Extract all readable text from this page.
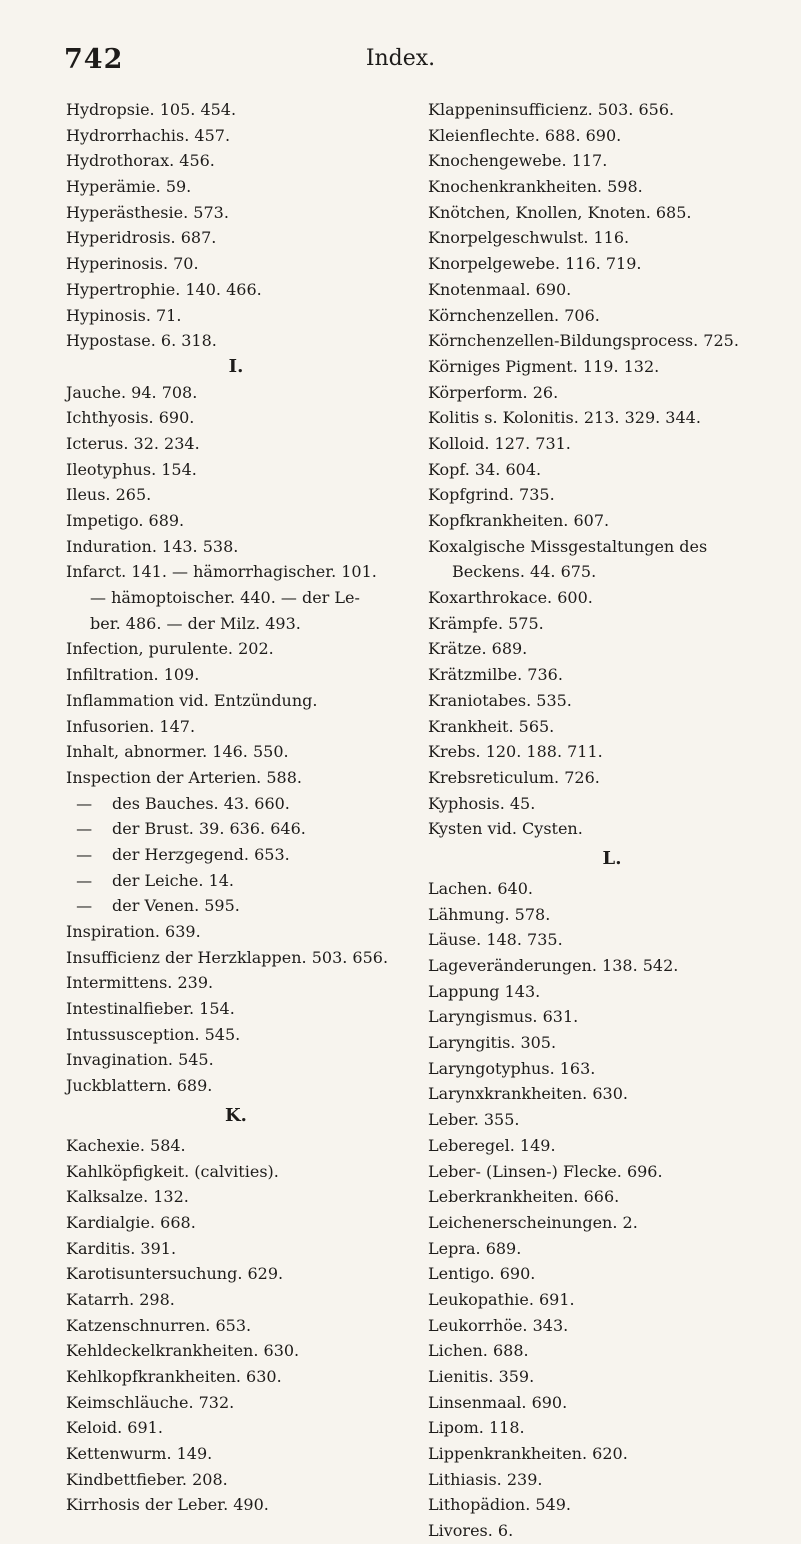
742	Index.
Hydropsie. 105. 454.
Hydrorrhachis. 457.
Hydrothorax. 456.
Hyperämie. 59.
Hyperästhesie. 573.
Hyperidrosis. 687.
Hyperinosis. 70.
Hypertrophie. 140. 466.
Hypinosis. 71.
Hypostase. 6. 318.
I.
Jauche. 94. 708.
Ichthyosis. 690.
Icterus. 32. 234.
Ileotyphus. 154.
Ileus. 265.
Impetigo. 689.
Induration. 143. 538.
Infarct. 141. — hämorrhagischer. 101.
— hämoptoischer. 440. — der Le-
ber. 486. — der Milz. 493.
Infection, purulente. 202.
Infiltration. 109.
Inflammation vid. Entzündung.
Infusorien. 147.
Inhalt, abnormer. 146. 550.
Inspection der Arterien. 588.
— des Bauches. 43. 660.
— der Brust. 39. 636. 646.
— der Herzgegend. 653.
— der Leiche. 14.
— der Venen. 595.
Inspiration. 639.
Insufficienz der Herzklappen. 503. 656.
Intermittens. 239.
Intestinalfieber. 154.
Intussusception. 545.
Invagination. 545.
Juckblattern. 689.
K.
Kachexie. 584.
Kahlköpfigkeit. (calvities).
Kalksalze. 132.
Kardialgie. 668.
Karditis. 391.
Karotisuntersuchung. 629.
Katarrh. 298.
Katzenschnurren. 653.
Kehldeckelkrankheiten. 630.
Kehlkopfkrankheiten. 630.
Keimschläuche. 732.
Keloid. 691.
Kettenwurm. 149.
Kindbettfieber. 208.
Kirrhosis der Leber. 490.
Klappeninsufficienz. 503. 656.
Kleienflechte. 688. 690.
Knochengewebe. 117.
Knochenkrankheiten. 598.
Knötchen, Knollen, Knoten. 685.
Knorpelgeschwulst. 116.
Knorpelgewebe. 116. 719.
Knotenmaal. 690.
Körnchenzellen. 706.
Körnchenzellen-Bildungsprocess. 725.
Körniges Pigment. 119. 132.
Körperform. 26.
Kolitis s. Kolonitis. 213. 329. 344.
Kolloid. 127. 731.
Kopf. 34. 604.
Kopfgrind. 735.
Kopfkrankheiten. 607.
Koxalgische Missgestaltungen des
Beckens. 44. 675.
Koxarthrokace. 600.
Krämpfe. 575.
Krätze. 689.
Krätzmilbe. 736.
Kraniotabes. 535.
Krankheit. 565.
Krebs. 120. 188. 711.
Krebsreticulum. 726.
Kyphosis. 45.
Kysten vid. Cysten.
L.
Lachen. 640.
Lähmung. 578.
Läuse. 148. 735.
Lageveränderungen. 138. 542.
Lappung 143.
Laryngismus. 631.
Laryngitis. 305.
Laryngotyphus. 163.
Larynxkrankheiten. 630.
Leber. 355.
Leberegel. 149.
Leber- (Linsen-) Flecke. 696.
Leberkrankheiten. 666.
Leichenerscheinungen. 2.
Lepra. 689.
Lentigo. 690.
Leukopathie. 691.
Leukorrhöe. 343.
Lichen. 688.
Lienitis. 359.
Linsenmaal. 690.
Lipom. 118.
Lippenkrankheiten. 620.
Lithiasis. 239.
Lithopädion. 549.
Livores. 6.
